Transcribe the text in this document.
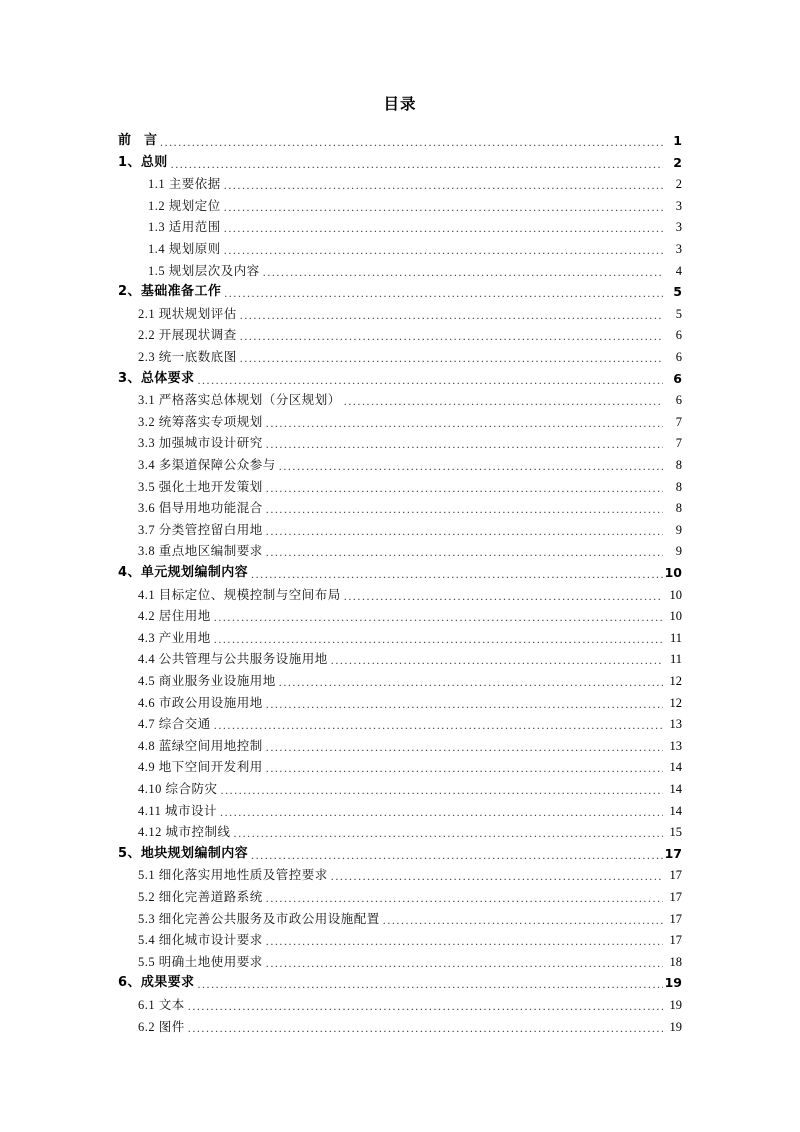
目录
前　言 .....	1
1、总则 .....	2
1.1 主要依据 .....	2
1.2 规划定位 .....	3
1.3 适用范围 .....	3
1.4 规划原则 .....	3
1.5 规划层次及内容 .....	4
2、基础准备工作 .....	5
2.1 现状规划评估 .....	5
2.2 开展现状调查 .....	6
2.3 统一底数底图 .....	6
3、总体要求 .....	6
3.1 严格落实总体规划（分区规划） .....	6
3.2 统筹落实专项规划 .....	7
3.3 加强城市设计研究 .....	7
3.4 多渠道保障公众参与 .....	8
3.5 强化土地开发策划 .....	8
3.6 倡导用地功能混合 .....	8
3.7 分类管控留白用地 .....	9
3.8 重点地区编制要求 .....	9
4、单元规划编制内容 .....	10
4.1 目标定位、规模控制与空间布局 .....	10
4.2 居住用地 .....	10
4.3 产业用地 .....	11
4.4 公共管理与公共服务设施用地 .....	11
4.5 商业服务业设施用地 .....	12
4.6 市政公用设施用地 .....	12
4.7 综合交通 .....	13
4.8 蓝绿空间用地控制 .....	13
4.9 地下空间开发利用 .....	14
4.10 综合防灾 .....	14
4.11 城市设计 .....	14
4.12 城市控制线 .....	15
5、地块规划编制内容 .....	17
5.1 细化落实用地性质及管控要求 .....	17
5.2 细化完善道路系统 .....	17
5.3 细化完善公共服务及市政公用设施配置 .....	17
5.4 细化城市设计要求 .....	17
5.5 明确土地使用要求 .....	18
6、成果要求 .....	19
6.1 文本 .....	19
6.2 图件 .....	19
